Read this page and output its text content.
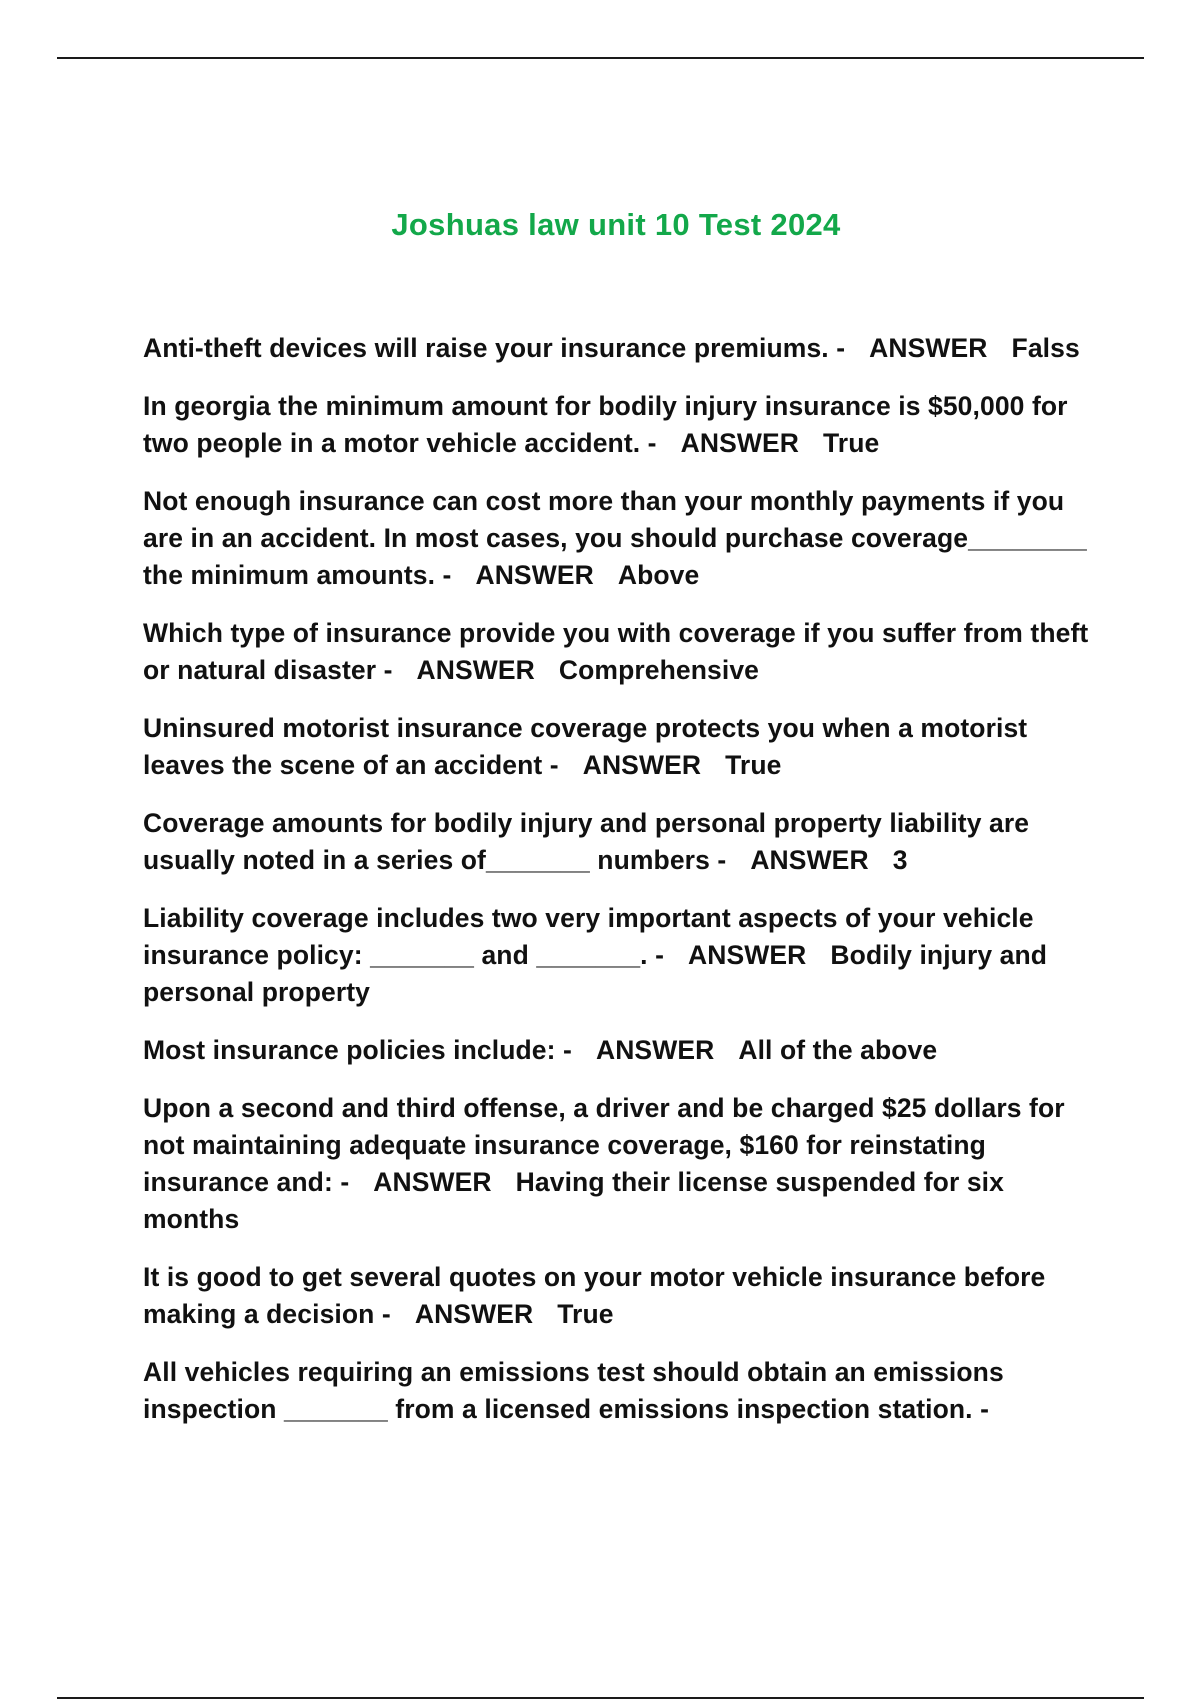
Joshuas law unit 10 Test 2024

Anti-theft devices will raise your insurance premiums. - ANSWER Falss

In georgia the minimum amount for bodily injury insurance is $50,000 for two people in a motor vehicle accident. - ANSWER True

Not enough insurance can cost more than your monthly payments if you are in an accident. In most cases, you should purchase coverage________ the minimum amounts. - ANSWER Above

Which type of insurance provide you with coverage if you suffer from theft or natural disaster - ANSWER Comprehensive

Uninsured motorist insurance coverage protects you when a motorist leaves the scene of an accident - ANSWER True

Coverage amounts for bodily injury and personal property liability are usually noted in a series of_______ numbers - ANSWER 3

Liability coverage includes two very important aspects of your vehicle insurance policy: _______ and _______. - ANSWER Bodily injury and personal property

Most insurance policies include: - ANSWER All of the above

Upon a second and third offense, a driver and be charged $25 dollars for not maintaining adequate insurance coverage, $160 for reinstating insurance and: - ANSWER Having their license suspended for six months

It is good to get several quotes on your motor vehicle insurance before making a decision - ANSWER True

All vehicles requiring an emissions test should obtain an emissions inspection _______ from a licensed emissions inspection station. -
